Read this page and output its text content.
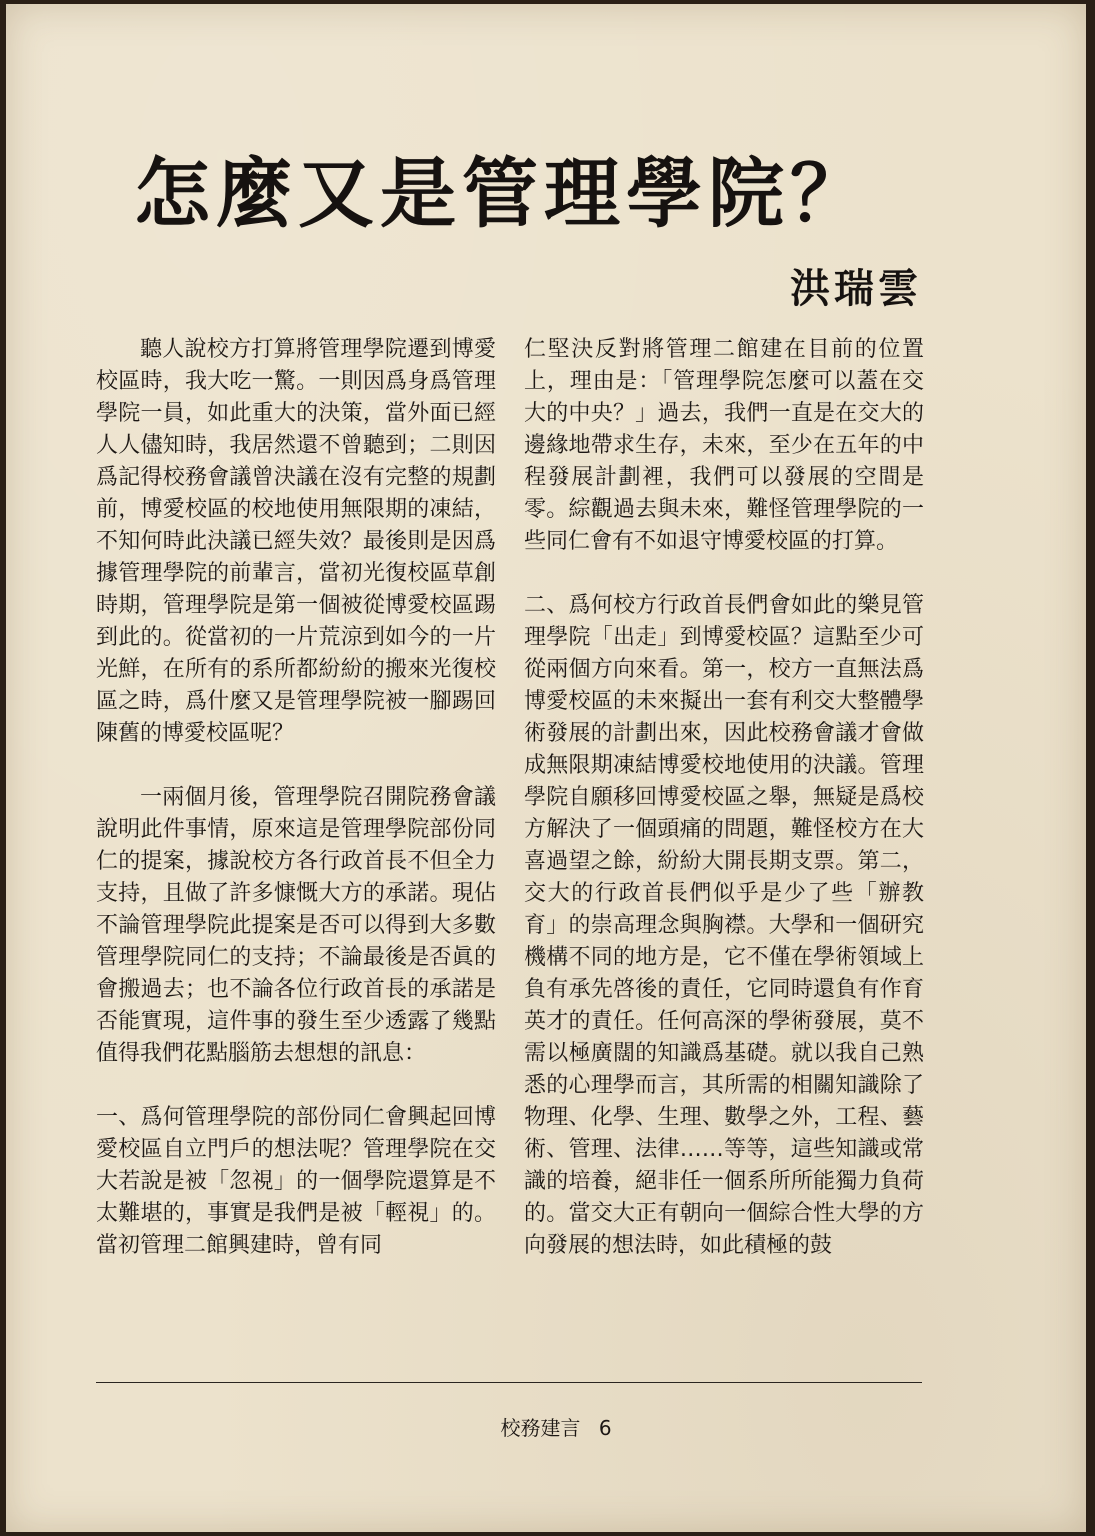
怎麼又是管理學院？
洪瑞雲

聽人說校方打算將管理學院遷到博愛校區時，我大吃一驚。一則因爲身爲管理學院一員，如此重大的決策，當外面已經人人儘知時，我居然還不曾聽到；二則因爲記得校務會議曾決議在沒有完整的規劃前，博愛校區的校地使用無限期的凍結，不知何時此決議已經失效？最後則是因爲據管理學院的前輩言，當初光復校區草創時期，管理學院是第一個被從博愛校區踢到此的。從當初的一片荒涼到如今的一片光鮮，在所有的系所都紛紛的搬來光復校區之時，爲什麼又是管理學院被一腳踢回陳舊的博愛校區呢？

一兩個月後，管理學院召開院務會議說明此件事情，原來這是管理學院部份同仁的提案，據說校方各行政首長不但全力支持，且做了許多慷慨大方的承諾。現佔不論管理學院此提案是否可以得到大多數管理學院同仁的支持；不論最後是否眞的會搬過去；也不論各位行政首長的承諾是否能實現，這件事的發生至少透露了幾點值得我們花點腦筋去想想的訊息：

一、爲何管理學院的部份同仁會興起回博愛校區自立門戶的想法呢？管理學院在交大若說是被「忽視」的一個學院還算是不太難堪的，事實是我們是被「輕視」的。當初管理二館興建時，曾有同

仁堅決反對將管理二館建在目前的位置上，理由是：「管理學院怎麼可以蓋在交大的中央？」過去，我們一直是在交大的邊緣地帶求生存，未來，至少在五年的中程發展計劃裡，我們可以發展的空間是零。綜觀過去與未來，難怪管理學院的一些同仁會有不如退守博愛校區的打算。

二、爲何校方行政首長們會如此的樂見管理學院「出走」到博愛校區？這點至少可從兩個方向來看。第一，校方一直無法爲博愛校區的未來擬出一套有利交大整體學術發展的計劃出來，因此校務會議才會做成無限期凍結博愛校地使用的決議。管理學院自願移回博愛校區之舉，無疑是爲校方解決了一個頭痛的問題，難怪校方在大喜過望之餘，紛紛大開長期支票。第二，交大的行政首長們似乎是少了些「辦教育」的崇高理念與胸襟。大學和一個研究機構不同的地方是，它不僅在學術領域上負有承先啓後的責任，它同時還負有作育英才的責任。任何高深的學術發展，莫不需以極廣闊的知識爲基礎。就以我自己熟悉的心理學而言，其所需的相關知識除了物理、化學、生理、數學之外，工程、藝術、管理、法律……等等，這些知識或常識的培養，絕非任一個系所所能獨力負荷的。當交大正有朝向一個綜合性大學的方向發展的想法時，如此積極的鼓

校務建言 6
